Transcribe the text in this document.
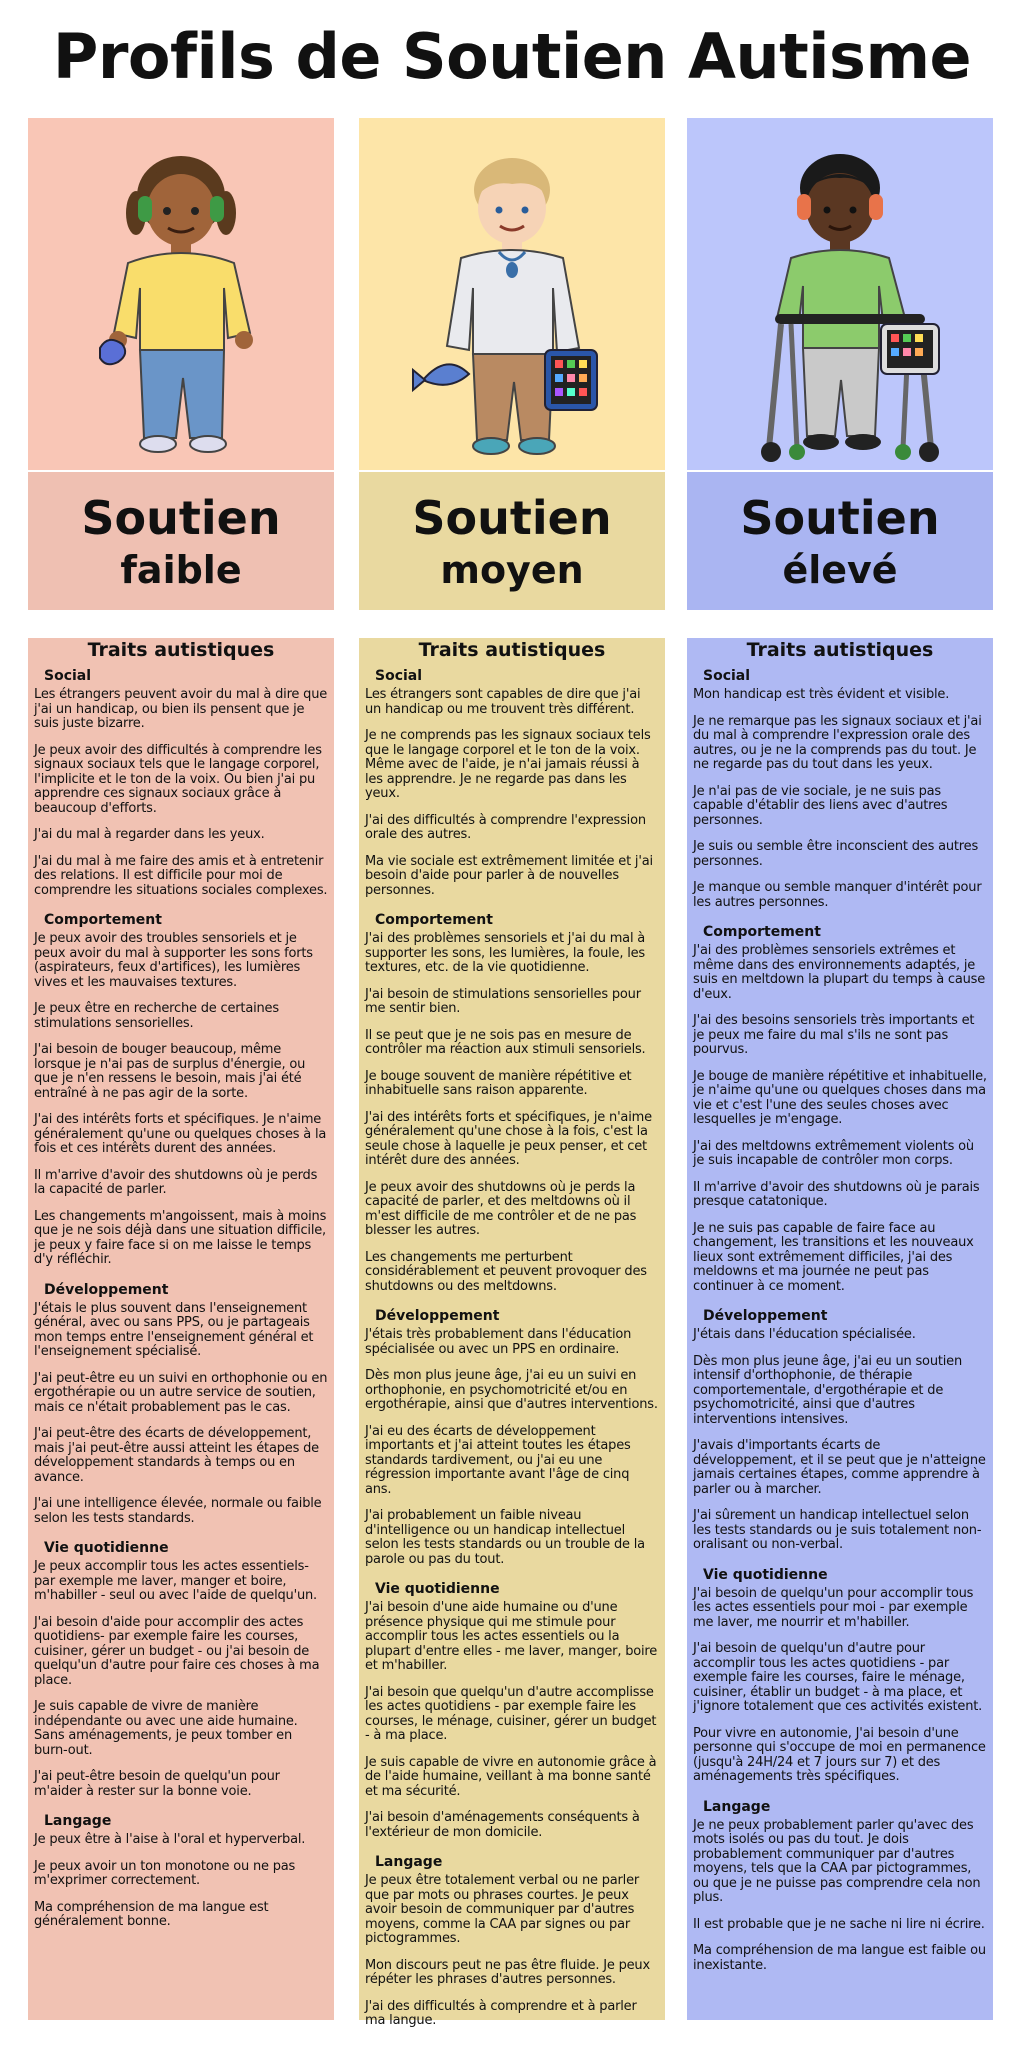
Profils de Soutien Autisme
Soutien
faible
Traits autistiques
Social

Les étrangers peuvent avoir du mal à dire que j'ai un handicap, ou bien ils pensent que je suis juste bizarre.

Je peux avoir des difficultés à comprendre les signaux sociaux tels que le langage corporel, l'implicite et le ton de la voix. Ou bien j'ai pu apprendre ces signaux sociaux grâce à beaucoup d'efforts.

J'ai du mal à regarder dans les yeux.

J'ai du mal à me faire des amis et à entretenir des relations. Il est difficile pour moi de comprendre les situations sociales complexes.

Comportement

Je peux avoir des troubles sensoriels et je peux avoir du mal à supporter les sons forts (aspirateurs, feux d'artifices), les lumières vives et les mauvaises textures.

Je peux être en recherche de certaines stimulations sensorielles.

J'ai besoin de bouger beaucoup, même lorsque je n'ai pas de surplus d'énergie, ou que je n'en ressens le besoin, mais j'ai été entraîné à ne pas agir de la sorte.

J'ai des intérêts forts et spécifiques. Je n'aime généralement qu'une ou quelques choses à la fois et ces intérêts durent des années.

Il m'arrive d'avoir des shutdowns où je perds la capacité de parler.

Les changements m'angoissent, mais à moins que je ne sois déjà dans une situation difficile, je peux y faire face si on me laisse le temps d'y réfléchir.

Développement

J'étais le plus souvent dans l'enseignement général, avec ou sans PPS, ou je partageais mon temps entre l'enseignement général et l'enseignement spécialisé.

J'ai peut-être eu un suivi en orthophonie ou en ergothérapie ou un autre service de soutien, mais ce n'était probablement pas le cas.

J'ai peut-être des écarts de développement, mais j'ai peut-être aussi atteint les étapes de développement standards à temps ou en avance.

J'ai une intelligence élevée, normale ou faible selon les tests standards.

Vie quotidienne

Je peux accomplir tous les actes essentiels- par exemple me laver, manger et boire, m'habiller - seul ou avec l'aide de quelqu'un.

J'ai besoin d'aide pour accomplir des actes quotidiens- par exemple faire les courses, cuisiner, gérer un budget - ou j'ai besoin de quelqu'un d'autre pour faire ces choses à ma place.

Je suis capable de vivre de manière indépendante ou avec une aide humaine. Sans aménagements, je peux tomber en burn-out.

J'ai peut-être besoin de quelqu'un pour m'aider à rester sur la bonne voie.

Langage

Je peux être à l'aise à l'oral et hyperverbal.

Je peux avoir un ton monotone ou ne pas m'exprimer correctement.

Ma compréhension de ma langue est généralement bonne.

Soutien
moyen
Traits autistiques
Social

Les étrangers sont capables de dire que j'ai un handicap ou me trouvent très différent.

Je ne comprends pas les signaux sociaux tels que le langage corporel et le ton de la voix. Même avec de l'aide, je n'ai jamais réussi à les apprendre. Je ne regarde pas dans les yeux.

J'ai des difficultés à comprendre l'expression orale des autres.

Ma vie sociale est extrêmement limitée et j'ai besoin d'aide pour parler à de nouvelles personnes.

Comportement

J'ai des problèmes sensoriels et j'ai du mal à supporter les sons, les lumières, la foule, les textures, etc. de la vie quotidienne.

J'ai besoin de stimulations sensorielles pour me sentir bien.

Il se peut que je ne sois pas en mesure de contrôler ma réaction aux stimuli sensoriels.

Je bouge souvent de manière répétitive et inhabituelle sans raison apparente.

J'ai des intérêts forts et spécifiques, je n'aime généralement qu'une chose à la fois, c'est la seule chose à laquelle je peux penser, et cet intérêt dure des années.

Je peux avoir des shutdowns où je perds la capacité de parler, et des meltdowns où il m'est difficile de me contrôler et de ne pas blesser les autres.

Les changements me perturbent considérablement et peuvent provoquer des shutdowns ou des meltdowns.

Développement

J'étais très probablement dans l'éducation spécialisée ou avec un PPS en ordinaire.

Dès mon plus jeune âge, j'ai eu un suivi en orthophonie, en psychomotricité et/ou en ergothérapie, ainsi que d'autres interventions.

J'ai eu des écarts de développement importants et j'ai atteint toutes les étapes standards tardivement, ou j'ai eu une régression importante avant l'âge de cinq ans.

J'ai probablement un faible niveau d'intelligence ou un handicap intellectuel selon les tests standards ou un trouble de la parole ou pas du tout.

Vie quotidienne

J'ai besoin d'une aide humaine ou d'une présence physique qui me stimule pour accomplir tous les actes essentiels ou la plupart d'entre elles - me laver, manger, boire et m'habiller.

J'ai besoin que quelqu'un d'autre accomplisse les actes quotidiens - par exemple faire les courses, le ménage, cuisiner, gérer un budget - à ma place.

Je suis capable de vivre en autonomie grâce à de l'aide humaine, veillant à ma bonne santé et ma sécurité.

J'ai besoin d'aménagements conséquents à l'extérieur de mon domicile.

Langage

Je peux être totalement verbal ou ne parler que par mots ou phrases courtes. Je peux avoir besoin de communiquer par d'autres moyens, comme la CAA par signes ou par pictogrammes.

Mon discours peut ne pas être fluide. Je peux répéter les phrases d'autres personnes.

J'ai des difficultés à comprendre et à parler ma langue.

Soutien
élevé
Traits autistiques
Social

Mon handicap est très évident et visible.

Je ne remarque pas les signaux sociaux et j'ai du mal à comprendre l'expression orale des autres, ou je ne la comprends pas du tout. Je ne regarde pas du tout dans les yeux.

Je n'ai pas de vie sociale, je ne suis pas capable d'établir des liens avec d'autres personnes.

Je suis ou semble être inconscient des autres personnes.

Je manque ou semble manquer d'intérêt pour les autres personnes.

Comportement

J'ai des problèmes sensoriels extrêmes et même dans des environnements adaptés, je suis en meltdown la plupart du temps à cause d'eux.

J'ai des besoins sensoriels très importants et je peux me faire du mal s'ils ne sont pas pourvus.

Je bouge de manière répétitive et inhabituelle, je n'aime qu'une ou quelques choses dans ma vie et c'est l'une des seules choses avec lesquelles je m'engage.

J'ai des meltdowns extrêmement violents où je suis incapable de contrôler mon corps.

Il m'arrive d'avoir des shutdowns où je parais presque catatonique.

Je ne suis pas capable de faire face au changement, les transitions et les nouveaux lieux sont extrêmement difficiles, j'ai des meldowns et ma journée ne peut pas continuer à ce moment.

Développement

J'étais dans l'éducation spécialisée.

Dès mon plus jeune âge, j'ai eu un soutien intensif d'orthophonie, de thérapie comportementale, d'ergothérapie et de psychomotricité, ainsi que d'autres interventions intensives.

J'avais d'importants écarts de développement, et il se peut que je n'atteigne jamais certaines étapes, comme apprendre à parler ou à marcher.

J'ai sûrement un handicap intellectuel selon les tests standards ou je suis totalement non-oralisant ou non-verbal.

Vie quotidienne

J'ai besoin de quelqu'un pour accomplir tous les actes essentiels pour moi - par exemple me laver, me nourrir et m'habiller.

J'ai besoin de quelqu'un d'autre pour accomplir tous les actes quotidiens - par exemple faire les courses, faire le ménage, cuisiner, établir un budget - à ma place, et j'ignore totalement que ces activités existent.

Pour vivre en autonomie, J'ai besoin d'une personne qui s'occupe de moi en permanence (jusqu'à 24H/24 et 7 jours sur 7) et des aménagements très spécifiques.

Langage

Je ne peux probablement parler qu'avec des mots isolés ou pas du tout. Je dois probablement communiquer par d'autres moyens, tels que la CAA par pictogrammes, ou que je ne puisse pas comprendre cela non plus.

Il est probable que je ne sache ni lire ni écrire.

Ma compréhension de ma langue est faible ou inexistante.
